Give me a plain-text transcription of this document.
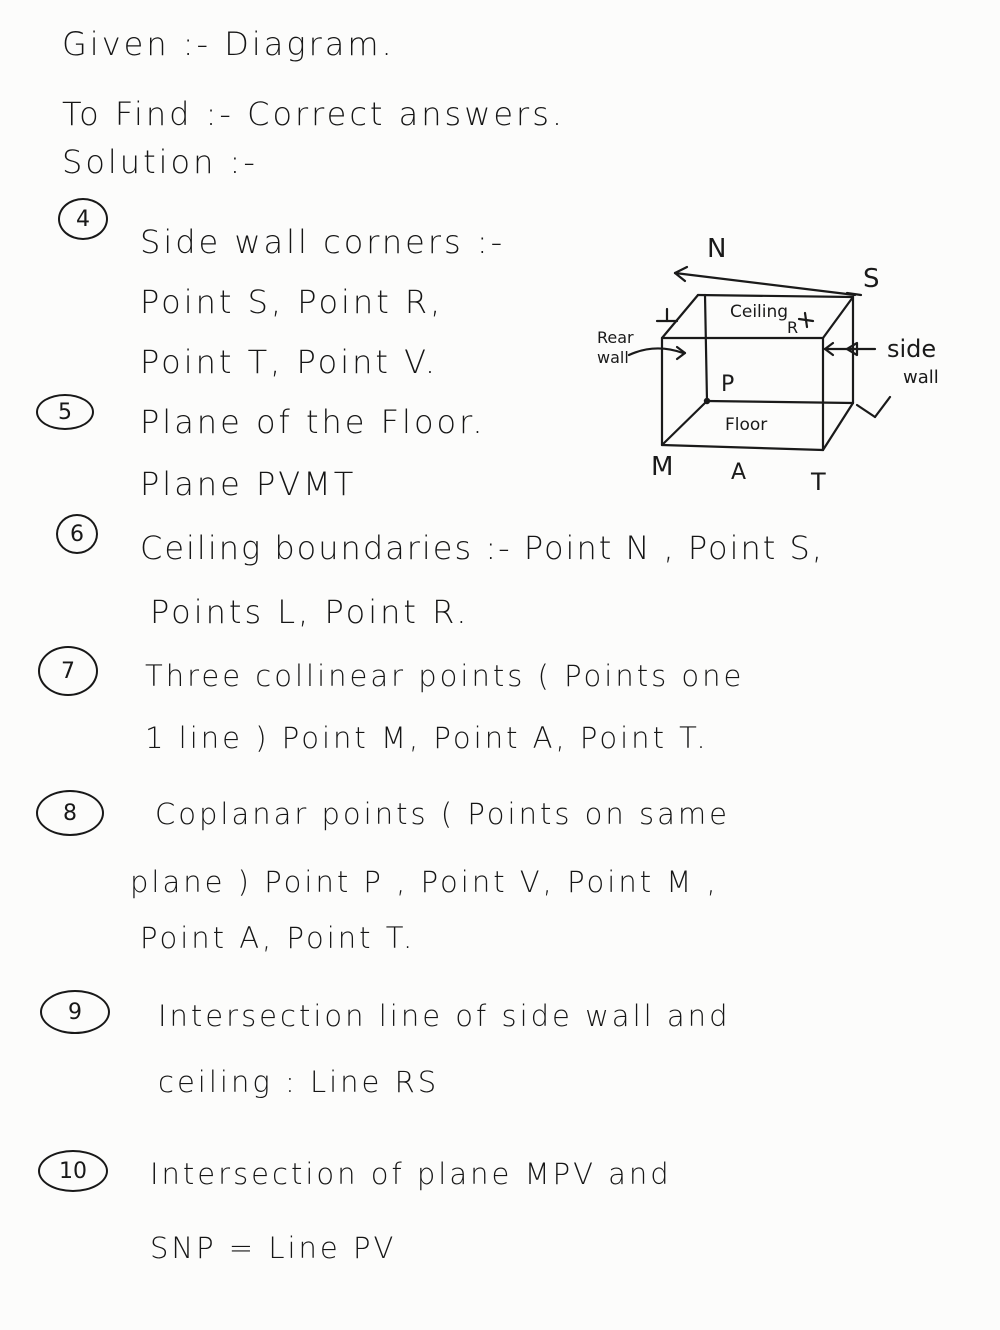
Given :- Diagram.
To Find :- Correct answers.
Solution :-
4
Side wall corners :-
Point S, Point R,
Point T, Point V.
5	Plane of the Floor.
Plane PVMT
N
S
Ceiling
R
Rear
wall	side
wall
P
Floor
M	A	T
6	Ceiling boundaries :- Point N , Point S,
Points L, Point R.
7	Three collinear points ( Points one
1 line ) Point M, Point A, Point T.
8	Coplanar points ( Points on same
plane ) Point P , Point V, Point M ,
Point A, Point T.
9	Intersection line of side wall and
ceiling : Line RS
10	Intersection of plane MPV and
SNP = Line PV
